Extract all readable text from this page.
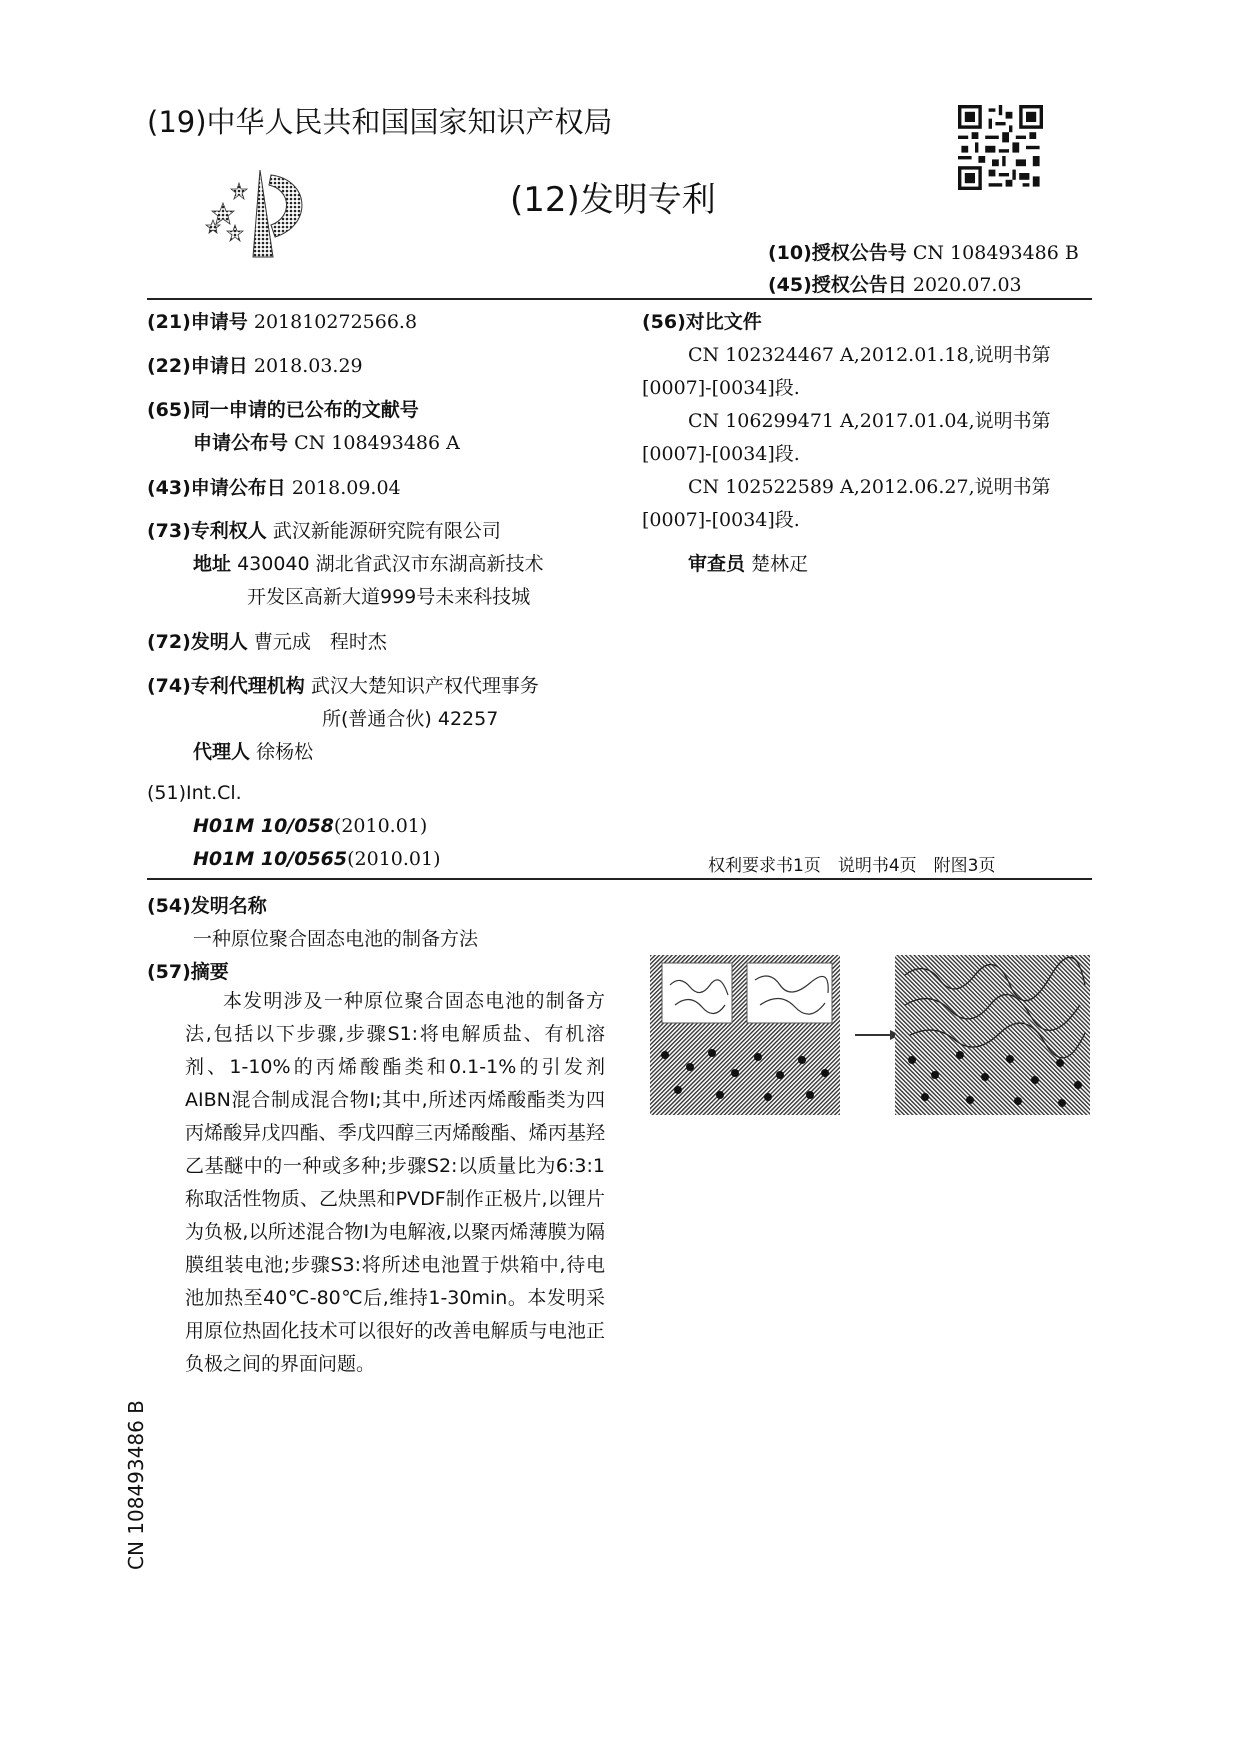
(19)中华人民共和国国家知识产权局
(12)发明专利
(10)授权公告号 CN 108493486 B
(45)授权公告日 2020.07.03
(21)申请号 201810272566.8
(22)申请日 2018.03.29
(65)同一申请的已公布的文献号
申请公布号 CN 108493486 A
(43)申请公布日 2018.09.04
(73)专利权人 武汉新能源研究院有限公司
地址 430040 湖北省武汉市东湖高新技术
开发区高新大道999号未来科技城
(72)发明人 曹元成　程时杰
(74)专利代理机构 武汉大楚知识产权代理事务
所(普通合伙) 42257
代理人 徐杨松
(51)Int.Cl.
H01M 10/058(2010.01)
H01M 10/0565(2010.01)
(56)对比文件
CN 102324467 A,2012.01.18,说明书第
[0007]-[0034]段.
CN 106299471 A,2017.01.04,说明书第
[0007]-[0034]段.
CN 102522589 A,2012.06.27,说明书第
[0007]-[0034]段.
审查员 楚林疋
权利要求书1页　说明书4页　附图3页
(54)发明名称
一种原位聚合固态电池的制备方法
(57)摘要

本发明涉及一种原位聚合固态电池的制备方法,包括以下步骤,步骤S1:将电解质盐、有机溶剂、1-10%的丙烯酸酯类和0.1-1%的引发剂AIBN混合制成混合物I;其中,所述丙烯酸酯类为四丙烯酸异戊四酯、季戊四醇三丙烯酸酯、烯丙基羟乙基醚中的一种或多种;步骤S2:以质量比为6:3:1称取活性物质、乙炔黑和PVDF制作正极片,以锂片为负极,以所述混合物I为电解液,以聚丙烯薄膜为隔膜组装电池;步骤S3:将所述电池置于烘箱中,待电池加热至40℃-80℃后,维持1-30min。本发明采用原位热固化技术可以很好的改善电解质与电池正负极之间的界面问题。

CN 108493486 B
